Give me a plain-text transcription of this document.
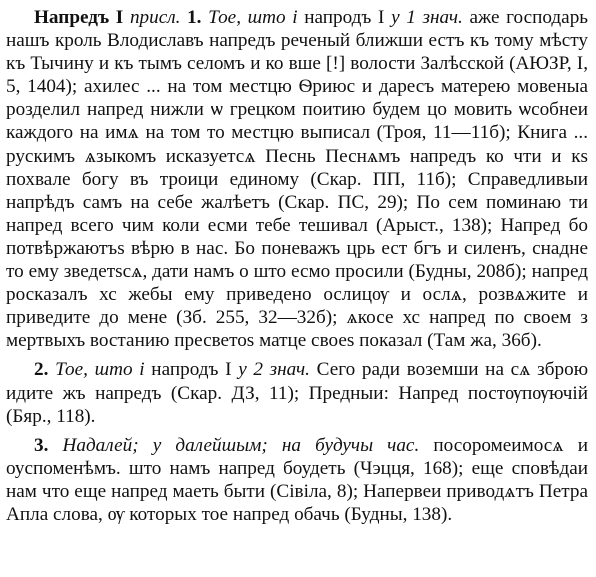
Напредъ I присл. 1. Тое, што і напродъ I у 1 знач. аже господарь нашъ кроль Влодиславъ напредъ реченый ближши естъ къ тому мѣсту къ Тычину и къ тымъ селомъ и ко вше [!] волости Залѣсской (АЮЗР, I, 5, 1404); ахилес ... на том местцю Ѳриюс и даресъ матерею мовеныа розделил напред нижли ѡ грецком поитию будем цо мовить ѡсобнеи каждого на имѧ на том то местцю выписал (Троя, 11—11б); Книга ... рускимъ ѧзыкомъ исказуетсѧ Песнь Песнѧмъ напредъ ко чти и кѕ похвале богу въ троици единому (Скар. ПП, 11б); Справедливыи напрѣдъ самъ на себе жалѣетъ (Скар. ПС, 29); По сем поминаю ти напред всего чим коли есми тебе тешивал (Арыст., 138); Напред бо потвѣржаютъѕ вѣрю в нас. Бо поневажъ црь ест бгъ и силенъ, снадне то ему зведетѕсѧ, дати намъ о што есмо просили (Будны, 208б); напред росказалъ хс жебы ему приведено ослицѹ и ослѧ, розвѧжите и приведите до мене (Зб. 255, 32—32б); ѧкосе хс напред по своем з мертвыхъ востанию пресветоѕ матце своеѕ показал (Там жа, 36б).

2. Тое, што і напродъ I у 2 знач. Сего ради воземши на сѧ зброю идите жъ напредъ (Скар. ДЗ, 11); Предныи: Напред постѹпѹючій (Бяр., 118).

3. Надалей; у далейшым; на будучы час. посоромеимосѧ и оуспоменѣмъ. што намъ напред боудеть (Чэцця, 168); еще сповѣдаи нам что еще напред маеть быти (Сівіла, 8); Напервеи приводѧтъ Петра Апла слова, ѹ которых тое напред обачь (Будны, 138).
